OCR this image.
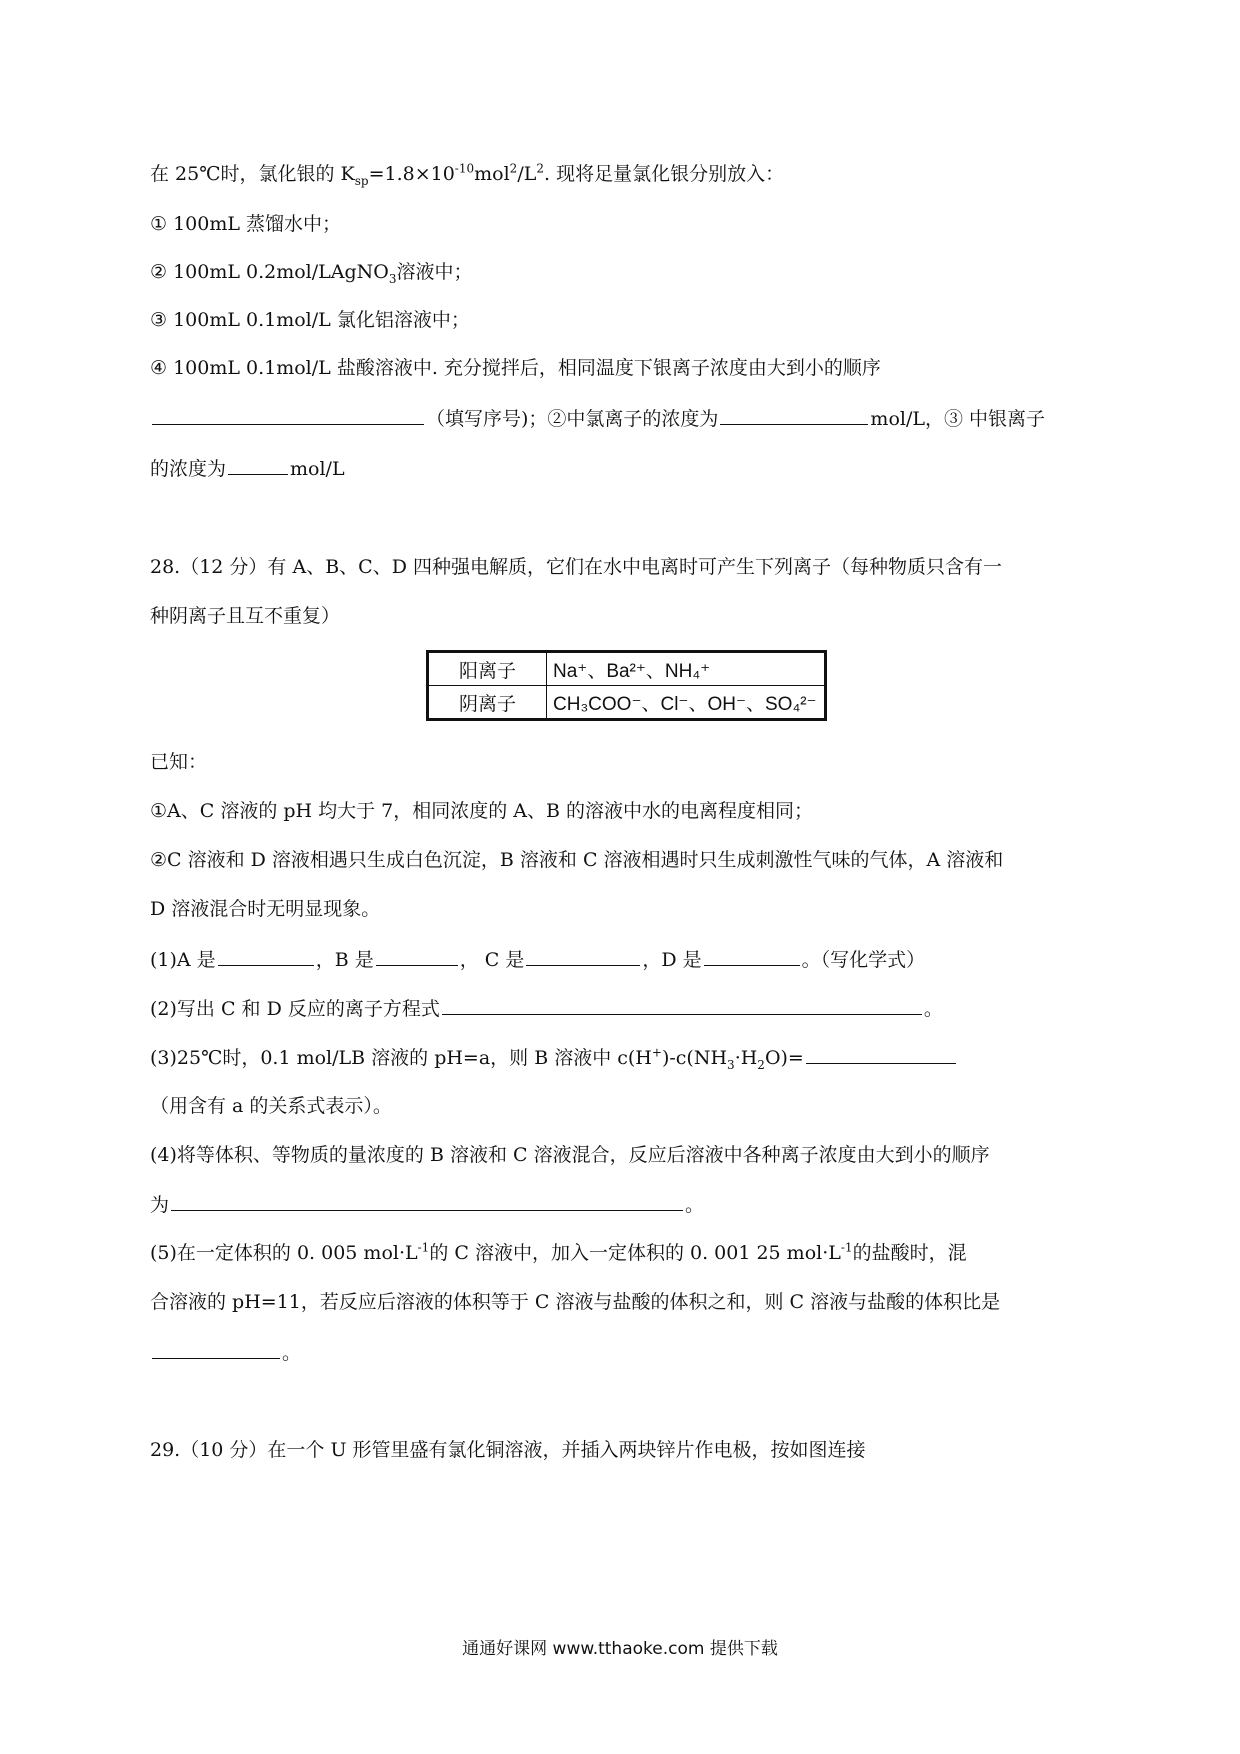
在 25℃时，氯化银的 $K_{sp}=1.8\times 10^{-10}mol^2/L^2$. 现将足量氯化银分别放入：
① 100mL 蒸馏水中；
② 100mL 0.2mol/LAgNO$_3$溶液中；
③ 100mL 0.1mol/L 氯化铝溶液中；
④ 100mL 0.1mol/L 盐酸溶液中. 充分搅拌后，相同温度下银离子浓度由大到小的顺序
（填写序号)；②中氯离子的浓度为	mol/L，③ 中银离子
的浓度为	mol/L
28.（12 分）有 A、B、C、D 四种强电解质，它们在水中电离时可产生下列离子（每种物质只含有一
种阴离子且互不重复）
阳离子	Na⁺、Ba²⁺、NH₄⁺
阴离子	CH₃COO⁻、Cl⁻、OH⁻、SO₄²⁻
已知：
①A、C 溶液的 pH 均大于 7，相同浓度的 A、B 的溶液中水的电离程度相同；
②C 溶液和 D 溶液相遇只生成白色沉淀，B 溶液和 C 溶液相遇时只生成刺激性气味的气体，A 溶液和
D 溶液混合时无明显现象。
(1)A 是	，B 是	， C 是	，D 是	。（写化学式）
(2)写出 C 和 D 反应的离子方程式	。
(3)25℃时，0.1 mol/LB 溶液的 pH=a，则 B 溶液中 $c(H^+)-c(NH_3\cdot H_2O)=$
（用含有 a 的关系式表示）。
(4)将等体积、等物质的量浓度的 B 溶液和 C 溶液混合，反应后溶液中各种离子浓度由大到小的顺序
为	。
(5)在一定体积的 0. 005 $mol\cdot L^{-1}$的 C 溶液中，加入一定体积的 0. 001 25 $mol\cdot L^{-1}$的盐酸时，混
合溶液的 pH=11，若反应后溶液的体积等于 C 溶液与盐酸的体积之和，则 C 溶液与盐酸的体积比是
。
29.（10 分）在一个 U 形管里盛有氯化铜溶液，并插入两块锌片作电极，按如图连接
通通好课网 www.tthaoke.com 提供下载
